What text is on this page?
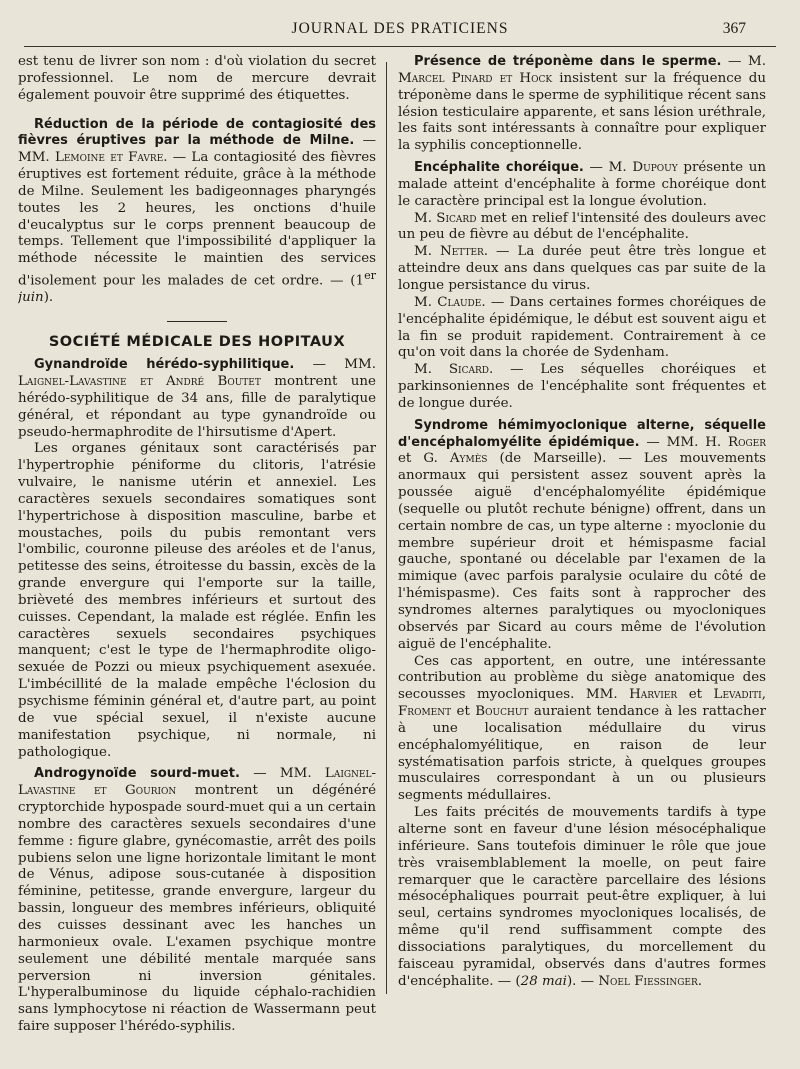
JOURNAL DES PRATICIENS	367

est tenu de livrer son nom : d'où violation du secret professionnel. Le nom de mercure devrait également pouvoir être supprimé des étiquettes.

Réduction de la période de contagiosité des fièvres éruptives par la méthode de Milne. — MM. Lemoine et Favre. — La contagiosité des fièvres éruptives est fortement réduite, grâce à la méthode de Milne. Seulement les badigeonnages pharyngés toutes les 2 heures, les onctions d'huile d'eucalyptus sur le corps prennent beaucoup de temps. Tellement que l'impossibilité d'appliquer la méthode nécessite le maintien des services d'isolement pour les malades de cet ordre. — (1er juin).

SOCIÉTÉ MÉDICALE DES HOPITAUX

Gynandroïde hérédo-syphilitique. — MM. Laignel-Lavastine et André Boutet montrent une hérédo-syphilitique de 34 ans, fille de paralytique général, et répondant au type gynandroïde ou pseudo-hermaphrodite de l'hirsutisme d'Apert.

Les organes génitaux sont caractérisés par l'hypertrophie péniforme du clitoris, l'atrésie vulvaire, le nanisme utérin et annexiel. Les caractères sexuels secondaires somatiques sont l'hypertrichose à disposition masculine, barbe et moustaches, poils du pubis remontant vers l'ombilic, couronne pileuse des aréoles et de l'anus, petitesse des seins, étroitesse du bassin, excès de la grande envergure qui l'emporte sur la taille, brièveté des membres inférieurs et surtout des cuisses. Cependant, la malade est réglée. Enfin les caractères sexuels secondaires psychiques manquent; c'est le type de l'hermaphrodite oligo-sexuée de Pozzi ou mieux psychiquement asexuée. L'imbécillité de la malade empêche l'éclosion du psychisme féminin général et, d'autre part, au point de vue spécial sexuel, il n'existe aucune manifestation psychique, ni normale, ni pathologique.

Androgynoïde sourd-muet. — MM. Laignel-Lavastine et Gourion montrent un dégénéré cryptorchide hypospade sourd-muet qui a un certain nombre des caractères sexuels secondaires d'une femme : figure glabre, gynécomastie, arrêt des poils pubiens selon une ligne horizontale limitant le mont de Vénus, adipose sous-cutanée à disposition féminine, petitesse, grande envergure, largeur du bassin, longueur des membres inférieurs, obliquité des cuisses dessinant avec les hanches un harmonieux ovale. L'examen psychique montre seulement une débilité mentale marquée sans perversion ni inversion génitales. L'hyperalbuminose du liquide céphalo-rachidien sans lymphocytose ni réaction de Wassermann peut faire supposer l'hérédo-syphilis.

Présence de tréponème dans le sperme. — M. Marcel Pinard et Hock insistent sur la fréquence du tréponème dans le sperme de syphilitique récent sans lésion testiculaire apparente, et sans lésion uréthrale, les faits sont intéressants à connaître pour expliquer la syphilis conceptionnelle.

Encéphalite choréique. — M. Dupouy présente un malade atteint d'encéphalite à forme choréique dont le caractère principal est la longue évolution.

M. Sicard met en relief l'intensité des douleurs avec un peu de fièvre au début de l'encéphalite.

M. Netter. — La durée peut être très longue et atteindre deux ans dans quelques cas par suite de la longue persistance du virus.

M. Claude. — Dans certaines formes choréiques de l'encéphalite épidémique, le début est souvent aigu et la fin se produit rapidement. Contrairement à ce qu'on voit dans la chorée de Sydenham.

M. Sicard. — Les séquelles choréiques et parkinsoniennes de l'encéphalite sont fréquentes et de longue durée.

Syndrome hémimyoclonique alterne, séquelle d'encéphalomyélite épidémique. — MM. H. Roger et G. Aymès (de Marseille). — Les mouvements anormaux qui persistent assez souvent après la poussée aiguë d'encéphalomyélite épidémique (sequelle ou plutôt rechute bénigne) offrent, dans un certain nombre de cas, un type alterne : myoclonie du membre supérieur droit et hémispasme facial gauche, spontané ou décelable par l'examen de la mimique (avec parfois paralysie oculaire du côté de l'hémispasme). Ces faits sont à rapprocher des syndromes alternes paralytiques ou myocloniques observés par Sicard au cours même de l'évolution aiguë de l'encéphalite.

Ces cas apportent, en outre, une intéressante contribution au problème du siège anatomique des secousses myocloniques. MM. Harvier et Levaditi, Froment et Bouchut auraient tendance à les rattacher à une localisation médullaire du virus encéphalomyélitique, en raison de leur systématisation parfois stricte, à quelques groupes musculaires correspondant à un ou plusieurs segments médullaires.

Les faits précités de mouvements tardifs à type alterne sont en faveur d'une lésion mésocéphalique inférieure. Sans toutefois diminuer le rôle que joue très vraisemblablement la moelle, on peut faire remarquer que le caractère parcellaire des lésions mésocéphaliques pourrait peut-être expliquer, à lui seul, certains syndromes myocloniques localisés, de même qu'il rend suffisamment compte des dissociations paralytiques, du morcellement du faisceau pyramidal, observés dans d'autres formes d'encéphalite. — (28 mai). — Noel Fiessinger.
